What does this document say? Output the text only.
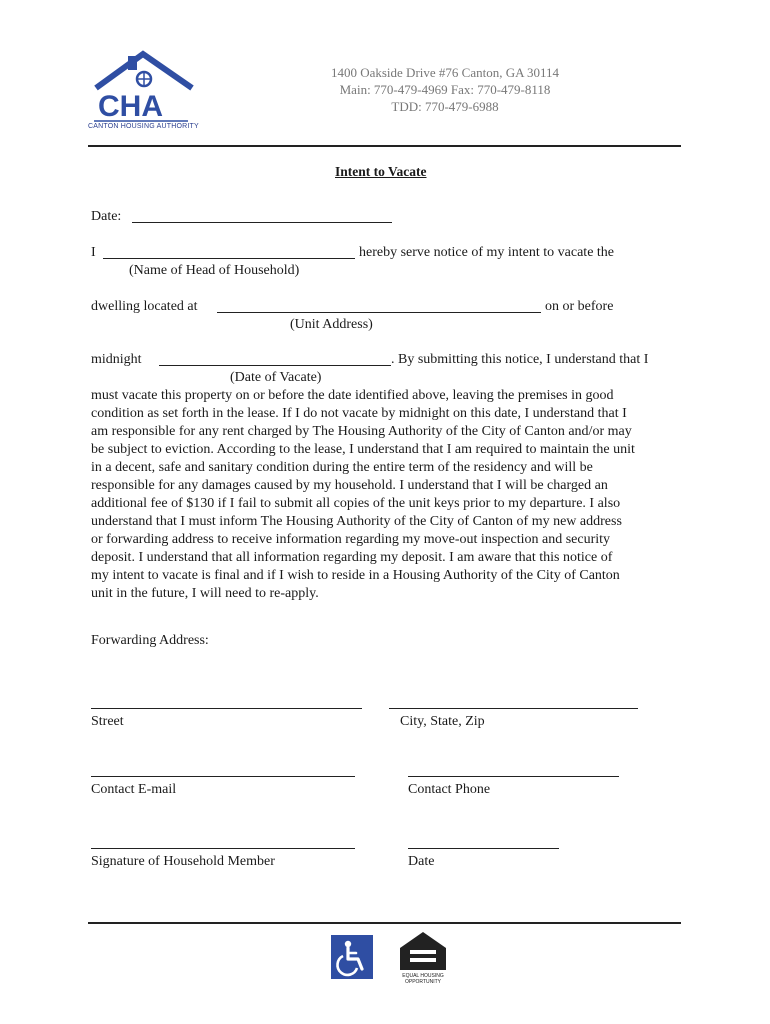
CHA
CANTON HOUSING AUTHORITY
1400 Oakside Drive #76 Canton, GA 30114
Main: 770-479-4969 Fax: 770-479-8118
TDD: 770-479-6988
Intent to Vacate
Date:
I	hereby serve notice of my intent to vacate the
(Name of Head of Household)
dwelling located at	on or before
(Unit Address)
midnight	. By submitting this notice, I understand that I
(Date of Vacate)
must vacate this property on or before the date identified above, leaving the premises in good
condition as set forth in the lease. If I do not vacate by midnight on this date, I understand that I
am responsible for any rent charged by The Housing Authority of the City of Canton and/or may
be subject to eviction. According to the lease, I understand that I am required to maintain the unit
in a decent, safe and sanitary condition during the entire term of the residency and will be
responsible for any damages caused by my household. I understand that I will be charged an
additional fee of $130 if I fail to submit all copies of the unit keys prior to my departure. I also
understand that I must inform The Housing Authority of the City of Canton of my new address
or forwarding address to receive information regarding my move-out inspection and security
deposit. I understand that all information regarding my deposit. I am aware that this notice of
my intent to vacate is final and if I wish to reside in a Housing Authority of the City of Canton
unit in the future, I will need to re-apply.
Forwarding Address:
Street	City, State, Zip
Contact E-mail	Contact Phone
Signature of Household Member	Date
EQUAL HOUSING
OPPORTUNITY
